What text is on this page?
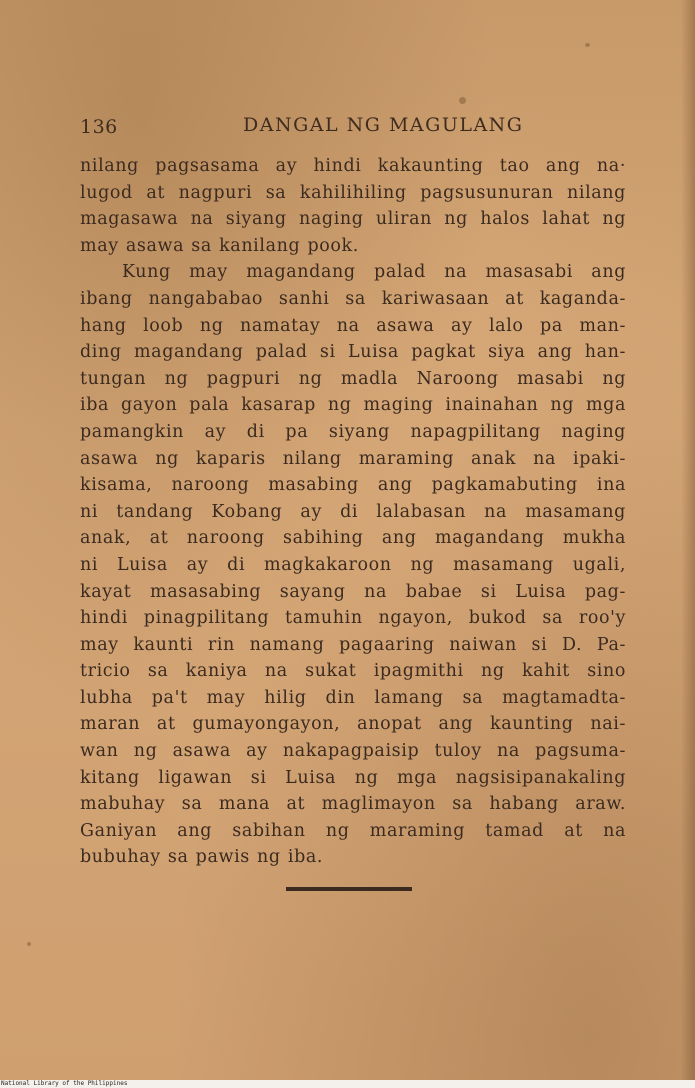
136	DANGAL NG MAGULANG
nilang pagsasama ay hindi kakaunting tao ang na·
lugod at nagpuri sa kahilihiling pagsusunuran nilang
magasawa na siyang naging uliran ng halos lahat ng
may asawa sa kanilang pook.
Kung may magandang palad na masasabi ang
ibang nangababao sanhi sa kariwasaan at kaganda-
hang loob ng namatay na asawa ay lalo pa man-
ding magandang palad si Luisa pagkat siya ang han-
tungan ng pagpuri ng madla Naroong masabi ng
iba gayon pala kasarap ng maging inainahan ng mga
pamangkin ay di pa siyang napagpilitang naging
asawa ng kaparis nilang maraming anak na ipaki-
kisama, naroong masabing ang pagkamabuting ina
ni tandang Kobang ay di lalabasan na masamang
anak, at naroong sabihing ang magandang mukha
ni Luisa ay di magkakaroon ng masamang ugali,
kayat masasabing sayang na babae si Luisa pag-
hindi pinagpilitang tamuhin ngayon, bukod sa roo'y
may kaunti rin namang pagaaring naiwan si D. Pa-
tricio sa kaniya na sukat ipagmithi ng kahit sino
lubha pa't may hilig din lamang sa magtamadta-
maran at gumayongayon, anopat ang kaunting nai-
wan ng asawa ay nakapagpaisip tuloy na pagsuma-
kitang ligawan si Luisa ng mga nagsisipanakaling
mabuhay sa mana at maglimayon sa habang araw.
Ganiyan ang sabihan ng maraming tamad at na
bubuhay sa pawis ng iba.
National Library of the Philippines
